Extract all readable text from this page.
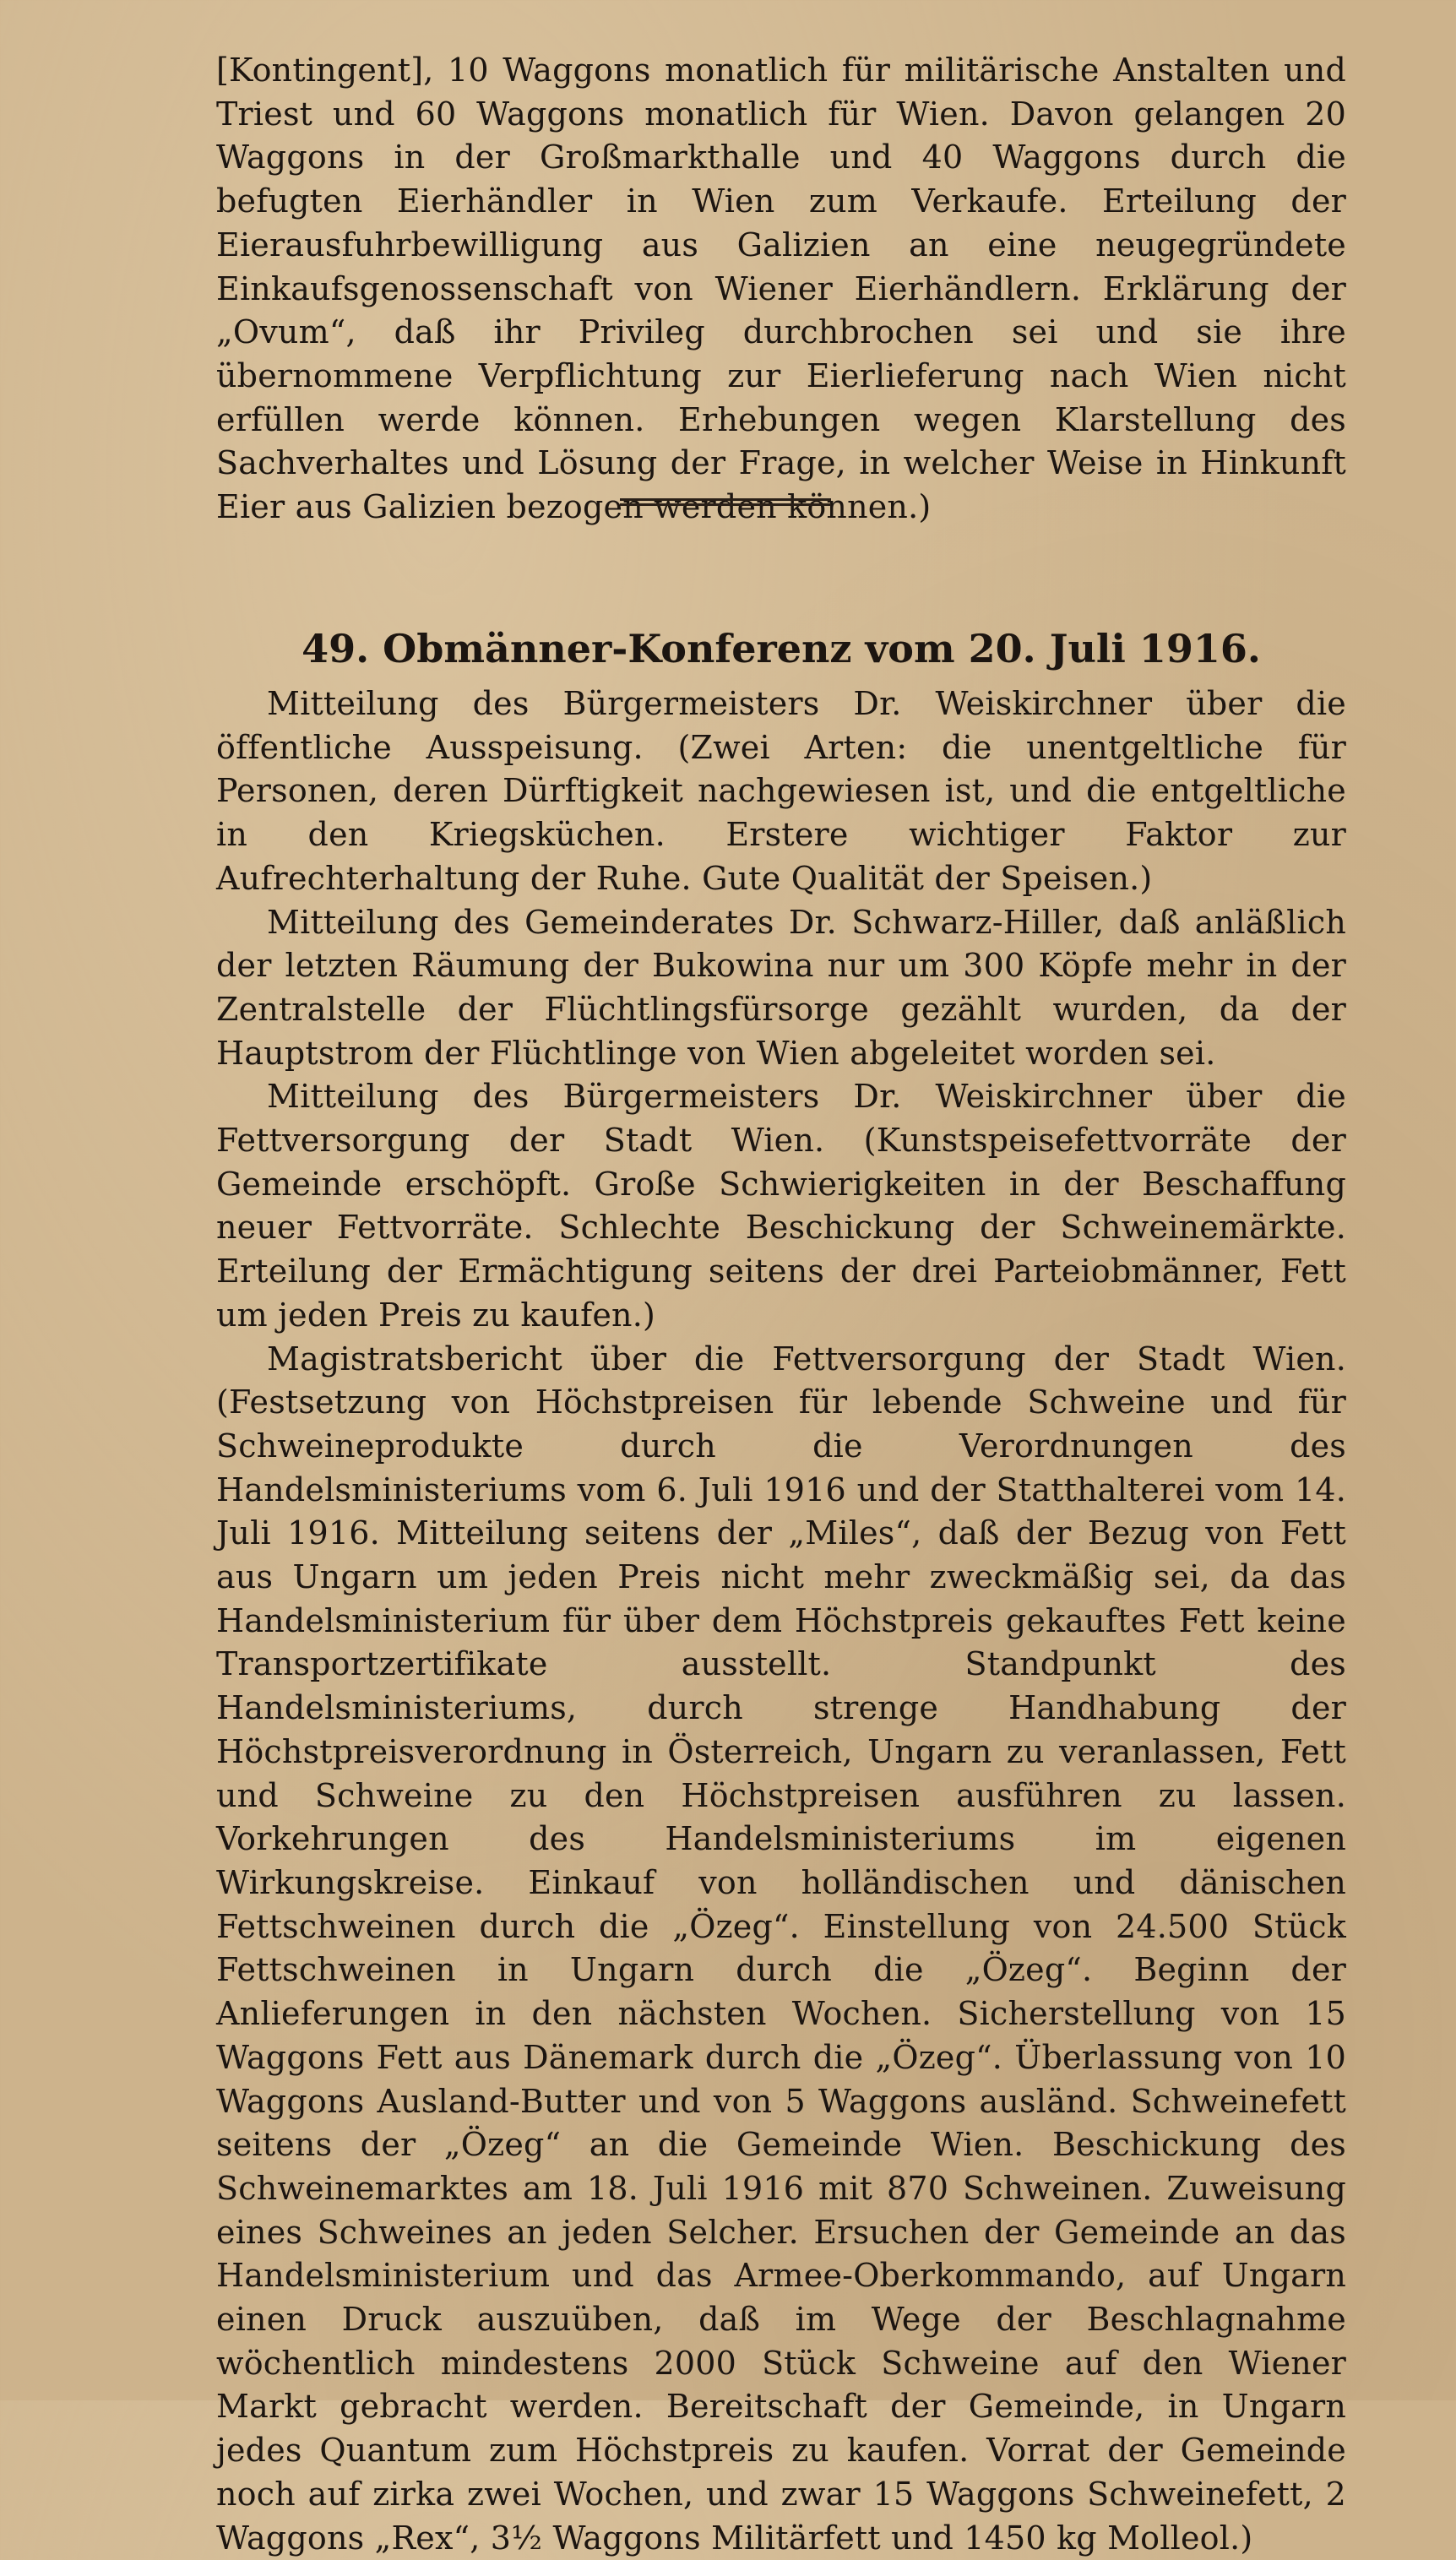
[Kontingent], 10 Waggons monatlich für militärische Anstalten und Triest und 60 Waggons monatlich für Wien. Davon gelangen 20 Waggons in der Großmarkthalle und 40 Waggons durch die befugten Eierhändler in Wien zum Verkaufe. Erteilung der Eierausfuhrbewilligung aus Galizien an eine neugegründete Einkaufsgenossenschaft von Wiener Eierhändlern. Erklärung der „Ovum“, daß ihr Privileg durchbrochen sei und sie ihre übernommene Verpflichtung zur Eierlieferung nach Wien nicht erfüllen werde können. Erhebungen wegen Klarstellung des Sachverhaltes und Lösung der Frage, in welcher Weise in Hinkunft Eier aus Galizien bezogen werden können.)

49. Obmänner-Konferenz vom 20. Juli 1916.

Mitteilung des Bürgermeisters Dr. Weiskirchner über die öffentliche Ausspeisung. (Zwei Arten: die unentgeltliche für Personen, deren Dürftigkeit nachgewiesen ist, und die entgeltliche in den Kriegsküchen. Erstere wichtiger Faktor zur Aufrechterhaltung der Ruhe. Gute Qualität der Speisen.)

Mitteilung des Gemeinderates Dr. Schwarz-Hiller, daß anläßlich der letzten Räumung der Bukowina nur um 300 Köpfe mehr in der Zentralstelle der Flüchtlingsfürsorge gezählt wurden, da der Hauptstrom der Flüchtlinge von Wien abgeleitet worden sei.

Mitteilung des Bürgermeisters Dr. Weiskirchner über die Fettversorgung der Stadt Wien. (Kunstspeisefettvorräte der Gemeinde erschöpft. Große Schwierigkeiten in der Beschaffung neuer Fettvorräte. Schlechte Beschickung der Schweinemärkte. Erteilung der Ermächtigung seitens der drei Parteiobmänner, Fett um jeden Preis zu kaufen.)

Magistratsbericht über die Fettversorgung der Stadt Wien. (Festsetzung von Höchstpreisen für lebende Schweine und für Schweineprodukte durch die Verordnungen des Handelsministeriums vom 6. Juli 1916 und der Statthalterei vom 14. Juli 1916. Mitteilung seitens der „Miles“, daß der Bezug von Fett aus Ungarn um jeden Preis nicht mehr zweckmäßig sei, da das Handelsministerium für über dem Höchstpreis gekauftes Fett keine Transportzertifikate ausstellt. Standpunkt des Handelsministeriums, durch strenge Handhabung der Höchstpreisverordnung in Österreich, Ungarn zu veranlassen, Fett und Schweine zu den Höchstpreisen ausführen zu lassen. Vorkehrungen des Handelsministeriums im eigenen Wirkungskreise. Einkauf von holländischen und dänischen Fettschweinen durch die „Özeg“. Einstellung von 24.500 Stück Fettschweinen in Ungarn durch die „Özeg“. Beginn der Anlieferungen in den nächsten Wochen. Sicherstellung von 15 Waggons Fett aus Dänemark durch die „Özeg“. Überlassung von 10 Waggons Ausland-Butter und von 5 Waggons ausländ. Schweinefett seitens der „Özeg“ an die Gemeinde Wien. Beschickung des Schweinemarktes am 18. Juli 1916 mit 870 Schweinen. Zuweisung eines Schweines an jeden Selcher. Ersuchen der Gemeinde an das Handelsministerium und das Armee-Oberkommando, auf Ungarn einen Druck auszuüben, daß im Wege der Beschlagnahme wöchentlich mindestens 2000 Stück Schweine auf den Wiener Markt gebracht werden. Bereitschaft der Gemeinde, in Ungarn jedes Quantum zum Höchstpreis zu kaufen. Vorrat der Gemeinde noch auf zirka zwei Wochen, und zwar 15 Waggons Schweinefett, 2 Waggons „Rex“, 3½ Waggons Militärfett und 1450 kg Molleol.)
